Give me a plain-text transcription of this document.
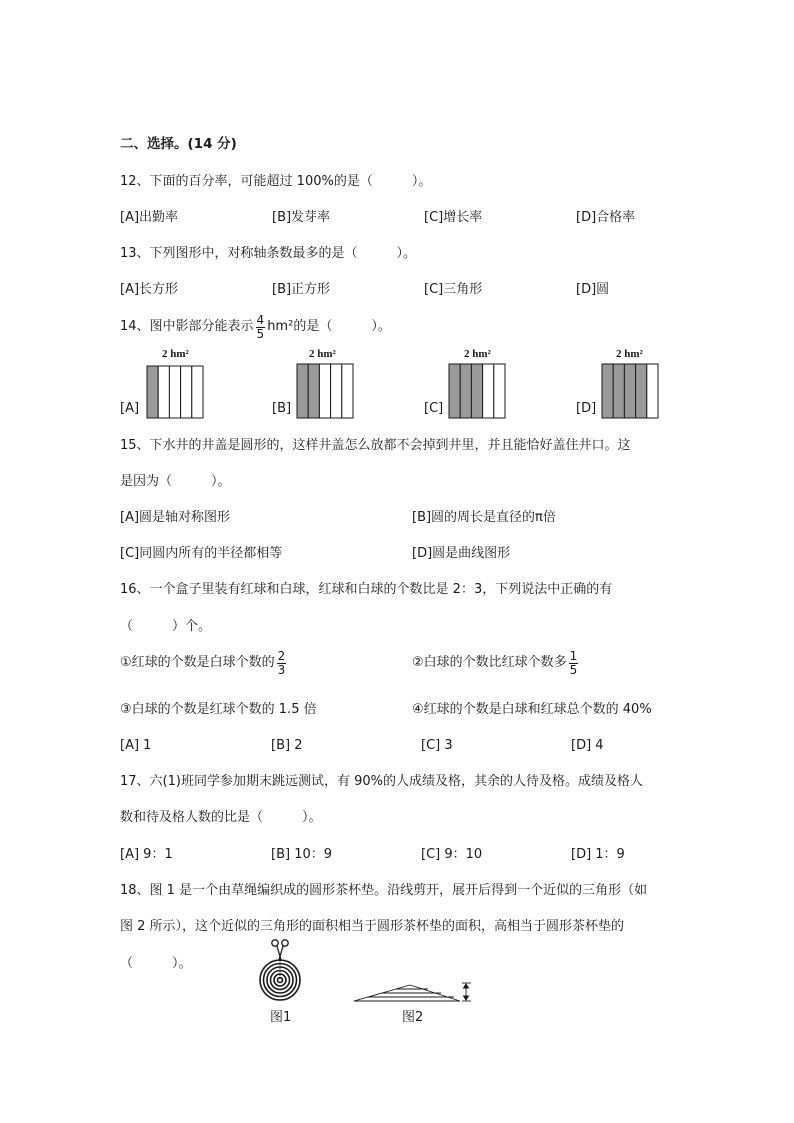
二、选择。(14 分)
12、下面的百分率，可能超过 100%的是（　　　）。
[A]出勤率	[B]发芽率	[C]增长率	[D]合格率
13、下列图形中，对称轴条数最多的是（　　　）。
[A]长方形	[B]正方形	[C]三角形	[D]圆
14、图中影部分能表示 $\frac{4}{5} hm^2$ 的是（　　　）。
[A]	[B]	[C]	[D]
2 hm²	2 hm²	2 hm²	2 hm²
15、下水井的井盖是圆形的，这样井盖怎么放都不会掉到井里，并且能恰好盖住井口。这
是因为（　　　）。
[A]圆是轴对称图形	[B]圆的周长是直径的π倍
[C]同圆内所有的半径都相等	[D]圆是曲线图形
16、一个盒子里装有红球和白球，红球和白球的个数比是 2：3，下列说法中正确的有
（　　　）个。
①红球的个数是白球个数的 $\frac{2}{3}$	②白球的个数比红球个数多 $\frac{1}{5}$
③白球的个数是红球个数的 1.5 倍	④红球的个数是白球和红球总个数的 40%
[A] 1	[B] 2	[C] 3	[D] 4
17、六(1)班同学参加期末跳远测试，有 90%的人成绩及格，其余的人待及格。成绩及格人
数和待及格人数的比是（　　　）。
[A] 9：1	[B] 10：9	[C] 9：10	[D] 1：9
18、图 1 是一个由草绳编织成的圆形茶杯垫。沿线剪开，展开后得到一个近似的三角形（如
图 2 所示），这个近似的三角形的面积相当于圆形茶杯垫的面积，高相当于圆形茶杯垫的
（　　　）。
图1	图2
